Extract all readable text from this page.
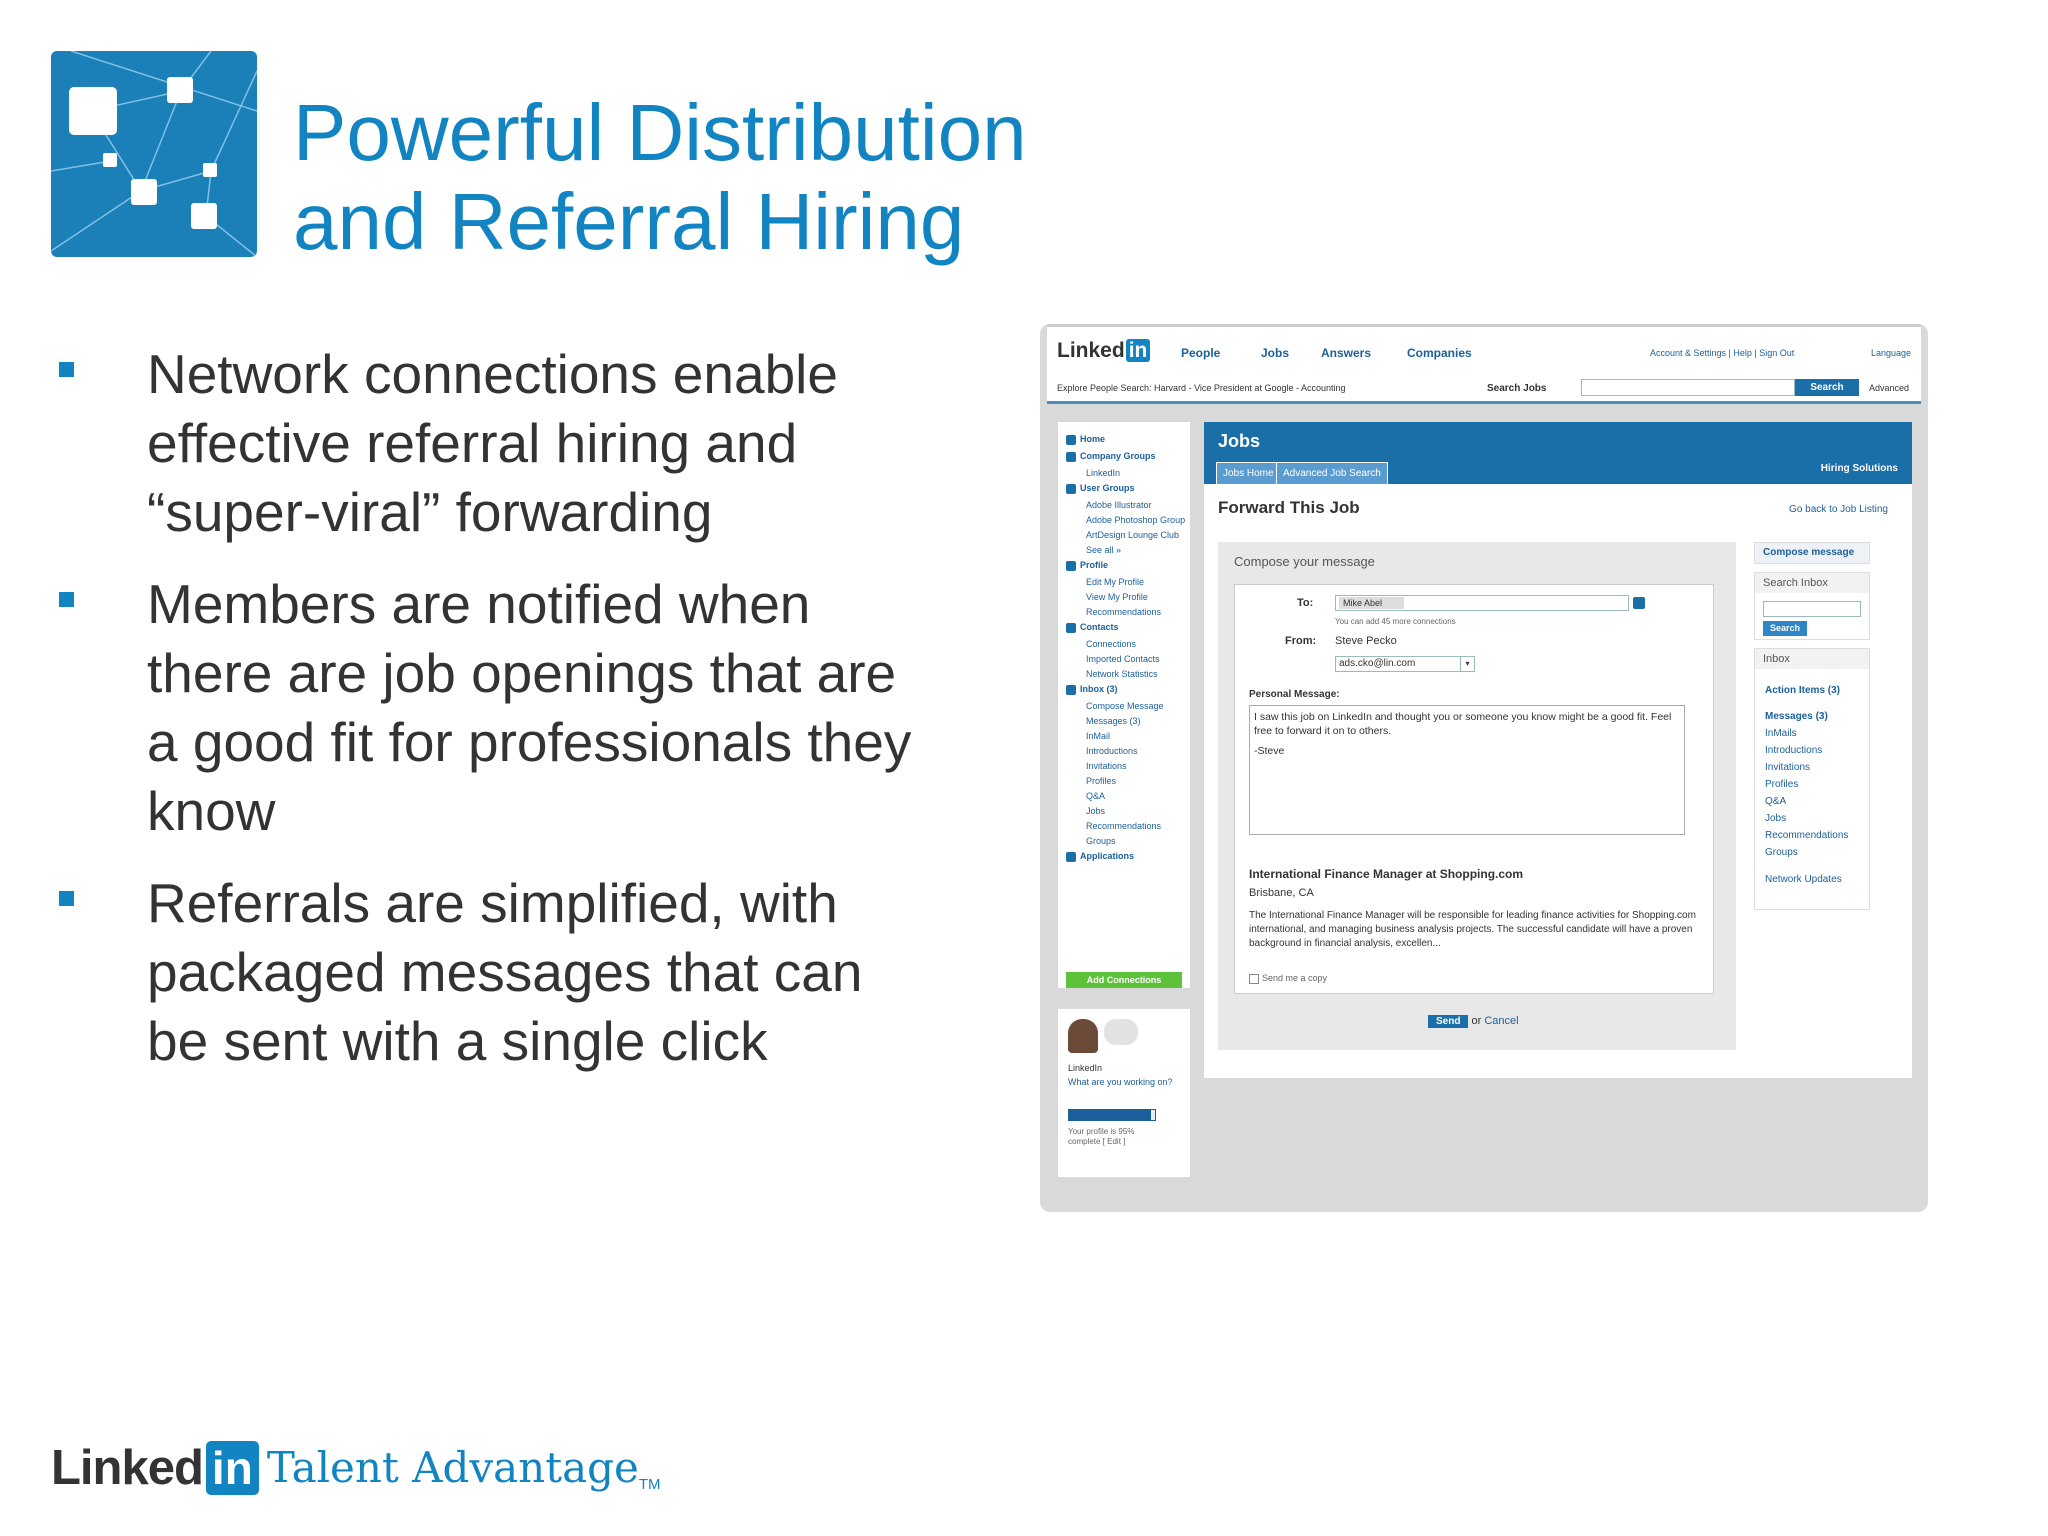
Powerful Distribution
and Referral Hiring
Network connections enable effective referral hiring and “super-viral” forwarding
Members are notified when there are job openings that are a good fit for professionals they know
Referrals are simplified, with packaged messages that can be sent with a single click
Linked in	People	Jobs	Answers	Companies	Account & Settings | Help | Sign Out	Language
Explore People Search: Harvard - Vice President at Google - Accounting	Search Jobs	Search	Advanced
Home
Company Groups
LinkedIn
User Groups
Adobe Illustrator
Adobe Photoshop Group
ArtDesign Lounge Club
See all »
Profile
Edit My Profile
View My Profile
Recommendations
Contacts
Connections
Imported Contacts
Network Statistics
Inbox (3)
Compose Message
Messages (3)
InMail
Introductions
Invitations
Profiles
Q&A
Jobs
Recommendations
Groups
Applications
Add Connections
LinkedIn
What are you working on?
Your profile is 95% complete [ Edit ]
Jobs
Jobs Home Advanced Job Search	Hiring Solutions
Forward This Job	Go back to Job Listing
Compose your message
To:	Mike Abel
You can add 45 more connections
From: Steve Pecko
ads.cko@lin.com	▾
Personal Message:
I saw this job on LinkedIn and thought you or someone you know might be a good fit. Feel free to forward it on to others.
-Steve
International Finance Manager at Shopping.com
Brisbane, CA
The International Finance Manager will be responsible for leading finance activities for Shopping.com international, and managing business analysis projects. The successful candidate will have a proven background in financial analysis, excellen...
Send me a copy
Send or Cancel
Compose message
Search Inbox
Search
Inbox
Action Items (3)
Messages (3)
InMails
Introductions
Invitations
Profiles
Q&A
Jobs
Recommendations
Groups
Network Updates
Linked in Talent Advantage TM
